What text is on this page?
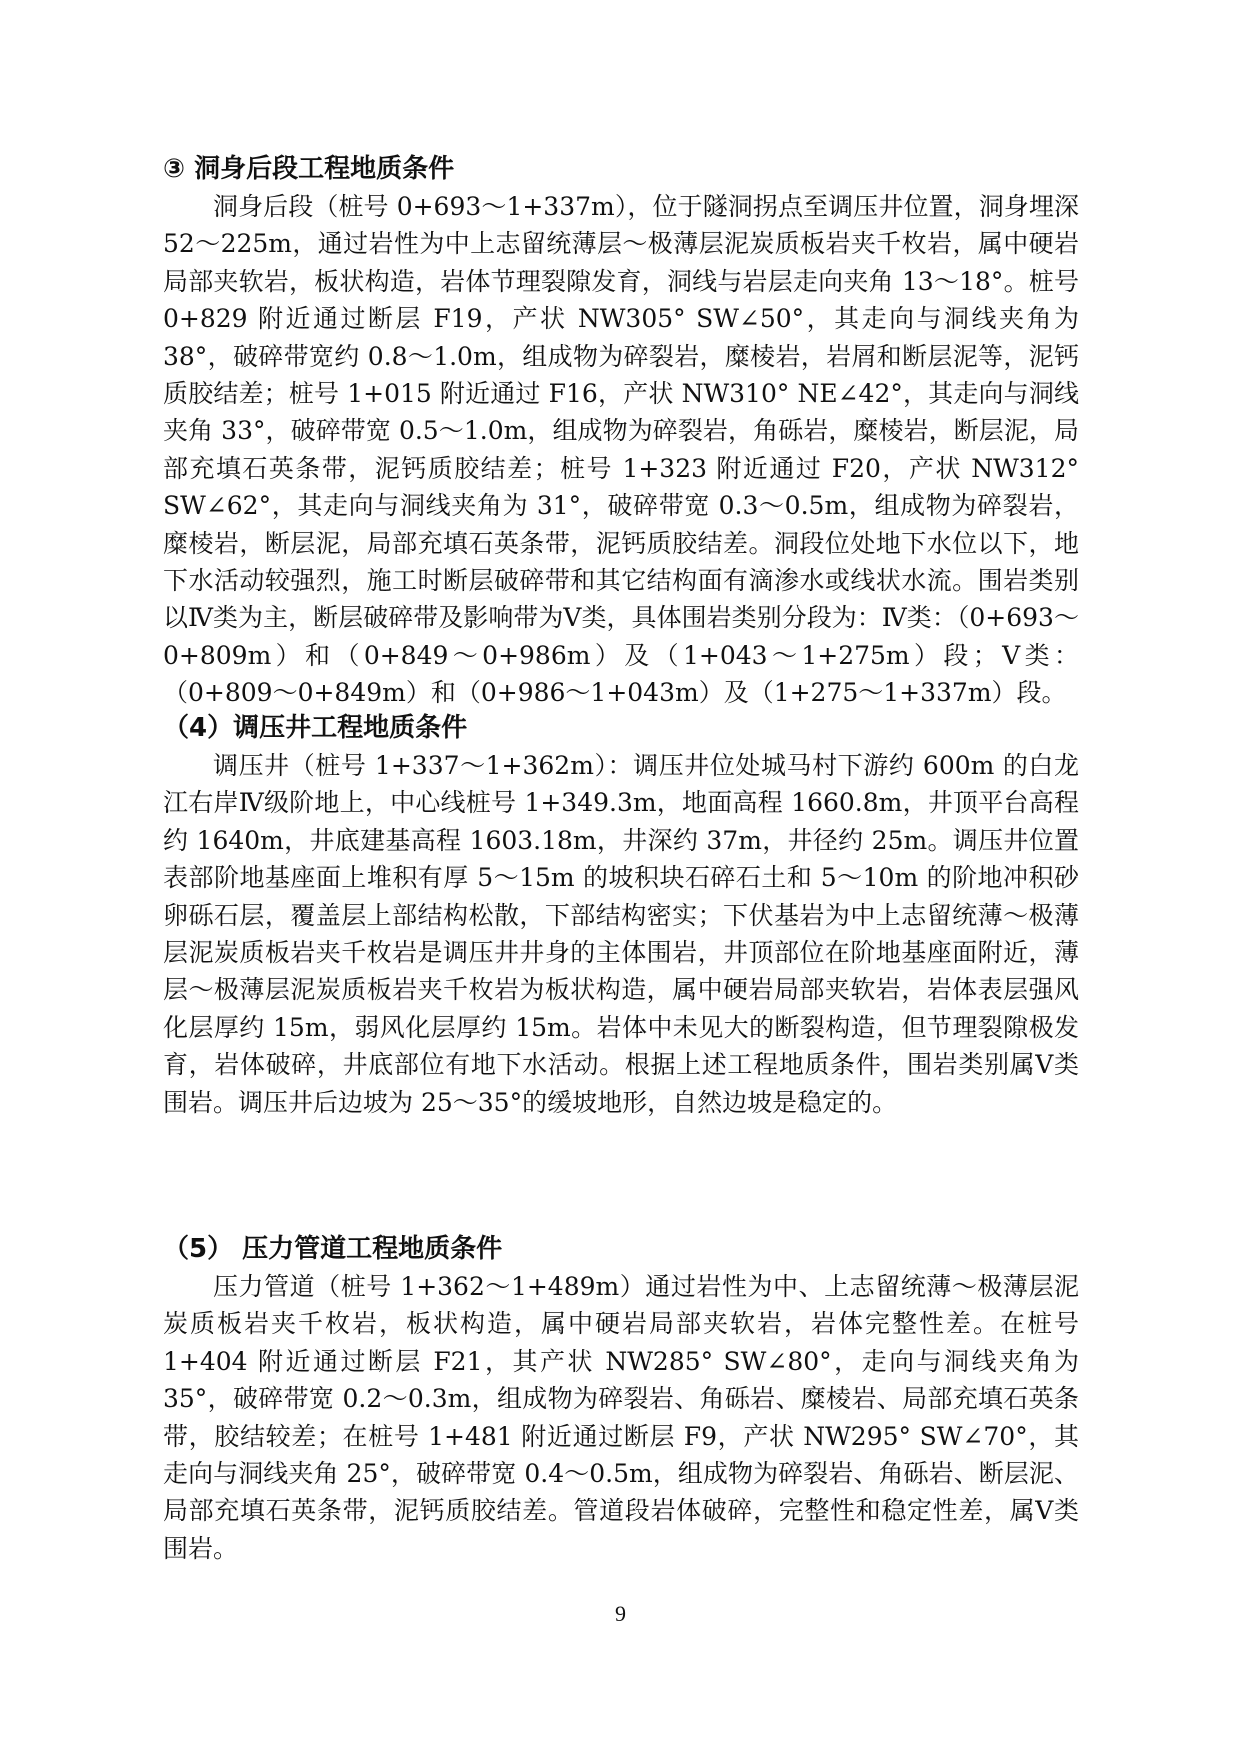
③ 洞身后段工程地质条件

洞身后段（桩号 0+693～1+337m），位于隧洞拐点至调压井位置，洞身埋深 52～225m，通过岩性为中上志留统薄层～极薄层泥炭质板岩夹千枚岩，属中硬岩局部夹软岩，板状构造，岩体节理裂隙发育，洞线与岩层走向夹角 13～18°。桩号 0+829 附近通过断层 F19，产状 NW305° SW∠50°，其走向与洞线夹角为 38°，破碎带宽约 0.8～1.0m，组成物为碎裂岩，糜棱岩，岩屑和断层泥等，泥钙质胶结差；桩号 1+015 附近通过 F16，产状 NW310° NE∠42°，其走向与洞线夹角 33°，破碎带宽 0.5～1.0m，组成物为碎裂岩，角砾岩，糜棱岩，断层泥，局部充填石英条带，泥钙质胶结差；桩号 1+323 附近通过 F20，产状 NW312° SW∠62°，其走向与洞线夹角为 31°，破碎带宽 0.3～0.5m，组成物为碎裂岩，糜棱岩，断层泥，局部充填石英条带，泥钙质胶结差。洞段位处地下水位以下，地下水活动较强烈，施工时断层破碎带和其它结构面有滴渗水或线状水流。围岩类别以Ⅳ类为主，断层破碎带及影响带为Ⅴ类，具体围岩类别分段为：Ⅳ类：（0+693～0+809m）和（0+849～0+986m）及（1+043～1+275m）段；Ⅴ类：（0+809～0+849m）和（0+986～1+043m）及（1+275～1+337m）段。

（4）调压井工程地质条件

调压井（桩号 1+337～1+362m）：调压井位处城马村下游约 600m 的白龙江右岸Ⅳ级阶地上，中心线桩号 1+349.3m，地面高程 1660.8m，井顶平台高程约 1640m，井底建基高程 1603.18m，井深约 37m，井径约 25m。调压井位置表部阶地基座面上堆积有厚 5～15m 的坡积块石碎石土和 5～10m 的阶地冲积砂卵砾石层，覆盖层上部结构松散，下部结构密实；下伏基岩为中上志留统薄～极薄层泥炭质板岩夹千枚岩是调压井井身的主体围岩，井顶部位在阶地基座面附近，薄层～极薄层泥炭质板岩夹千枚岩为板状构造，属中硬岩局部夹软岩，岩体表层强风化层厚约 15m，弱风化层厚约 15m。岩体中未见大的断裂构造，但节理裂隙极发育，岩体破碎，井底部位有地下水活动。根据上述工程地质条件，围岩类别属Ⅴ类围岩。调压井后边坡为 25～35°的缓坡地形，自然边坡是稳定的。

（5） 压力管道工程地质条件

压力管道（桩号 1+362～1+489m）通过岩性为中、上志留统薄～极薄层泥炭质板岩夹千枚岩，板状构造，属中硬岩局部夹软岩，岩体完整性差。在桩号 1+404 附近通过断层 F21，其产状 NW285° SW∠80°，走向与洞线夹角为 35°，破碎带宽 0.2～0.3m，组成物为碎裂岩、角砾岩、糜棱岩、局部充填石英条带，胶结较差；在桩号 1+481 附近通过断层 F9，产状 NW295° SW∠70°，其走向与洞线夹角 25°，破碎带宽 0.4～0.5m，组成物为碎裂岩、角砾岩、断层泥、局部充填石英条带，泥钙质胶结差。管道段岩体破碎，完整性和稳定性差，属Ⅴ类围岩。

9
